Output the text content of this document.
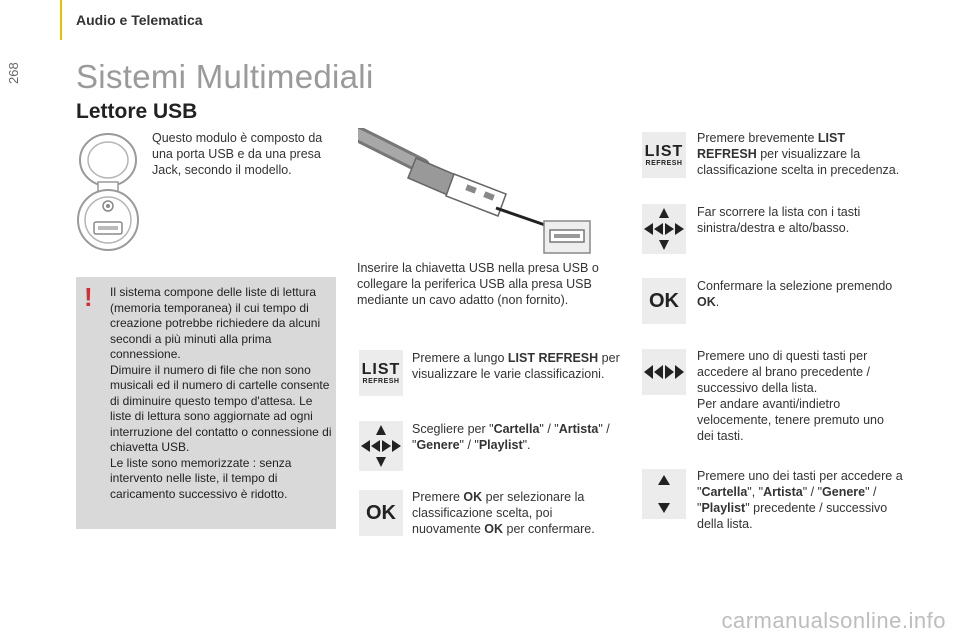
Audio e Telematica
268 Sistemi Multimediali
Lettore USB
Questo modulo è composto da una porta USB e da una presa Jack, secondo il modello.
Inserire la chiavetta USB nella presa USB o collegare la periferica USB alla presa USB mediante un cavo adatto (non fornito).
! Il sistema compone delle liste di lettura (memoria temporanea) il cui tempo di creazione potrebbe richiedere da alcuni secondi a più minuti alla prima connessione.
Dimuire il numero di file che non sono musicali ed il numero di cartelle consente di diminuire questo tempo d'attesa. Le liste di lettura sono aggiornate ad ogni interruzione del contatto o connessione di chiavetta USB.
Le liste sono memorizzate : senza intervento nelle liste, il tempo di caricamento successivo è ridotto.
LIST
REFRESH
Premere a lungo LIST REFRESH per visualizzare le varie classificazioni.
Scegliere per "Cartella" / "Artista" / "Genere" / "Playlist".
OK
Premere OK per selezionare la classificazione scelta, poi nuovamente OK per confermare.
LIST
REFRESH
Premere brevemente LIST REFRESH per visualizzare la classificazione scelta in precedenza.
Far scorrere la lista con i tasti sinistra/destra e alto/basso.
OK
Confermare la selezione premendo OK.
Premere uno di questi tasti per accedere al brano precedente / successivo della lista.
Per andare avanti/indietro velocemente, tenere premuto uno dei tasti.
Premere uno dei tasti per accedere a "Cartella", "Artista" / "Genere" / "Playlist" precedente / successivo della lista.
carmanualsonline.info
